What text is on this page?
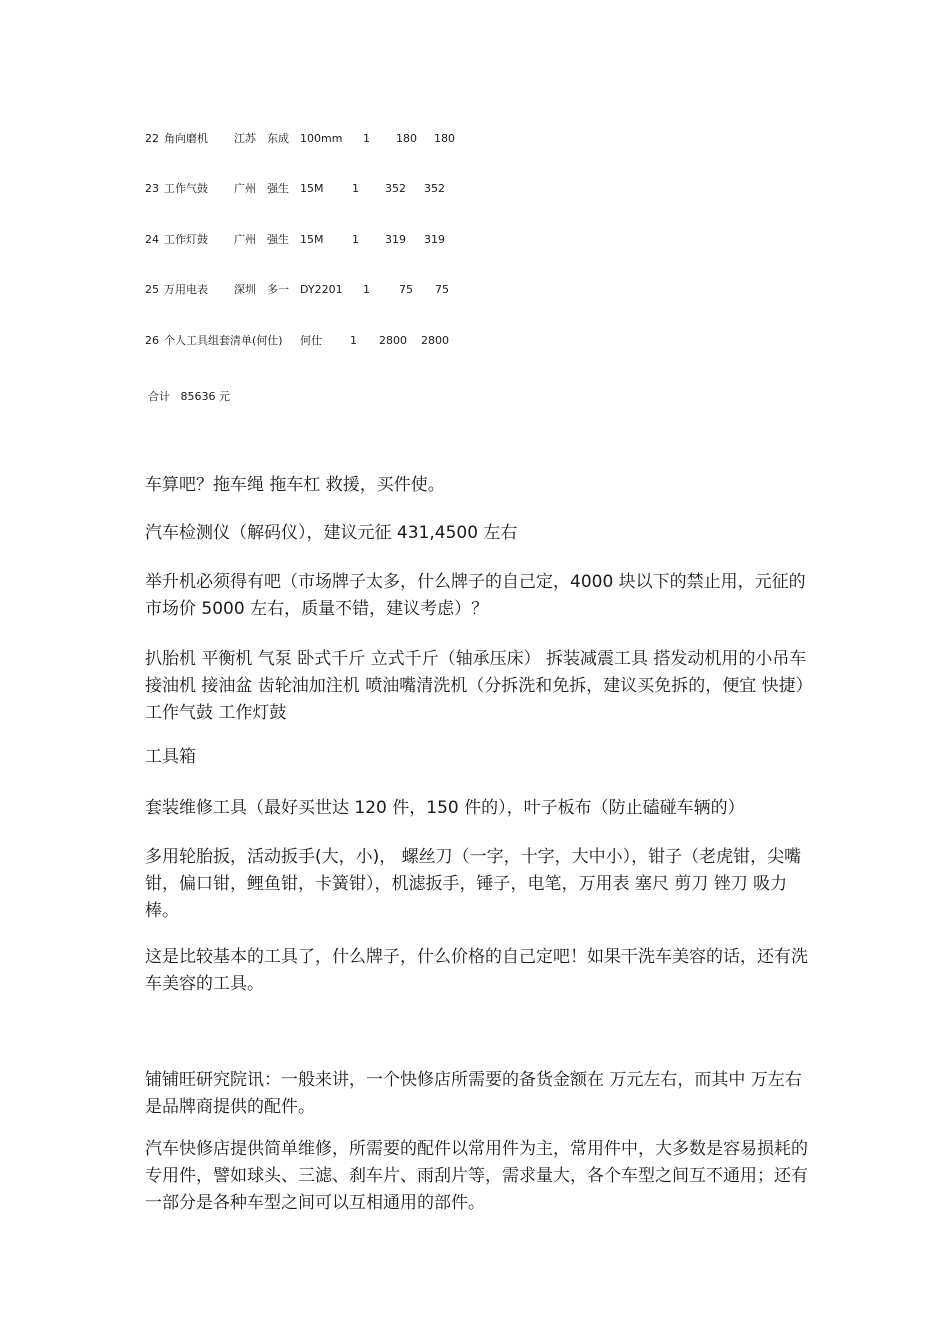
22 角向磨机 江苏 东成 100mm 1 180 180
23 工作气鼓 广州 强生 15M	1 352 352
24 工作灯鼓 广州 强生 15M	1 319 319
25 万用电表 深圳 多一 DY2201 1	75 75
26 个人工具组套清单(何仕) 何仕	1 2800 2800
合计 85636 元

车算吧？拖车绳 拖车杠 救援，买件使。

汽车检测仪（解码仪），建议元征 431,4500 左右

举升机必须得有吧（市场牌子太多，什么牌子的自己定，4000 块以下的禁止用，元征的市场价 5000 左右，质量不错，建议考虑）？

扒胎机 平衡机 气泵 卧式千斤 立式千斤（轴承压床） 拆装减震工具 搭发动机用的小吊车 接油机 接油盆 齿轮油加注机 喷油嘴清洗机（分拆洗和免拆，建议买免拆的，便宜 快捷） 工作气鼓 工作灯鼓

工具箱

套装维修工具（最好买世达 120 件，150 件的），叶子板布（防止磕碰车辆的）

多用轮胎扳，活动扳手(大，小)， 螺丝刀（一字，十字，大中小），钳子（老虎钳，尖嘴钳，偏口钳，鲤鱼钳，卡簧钳），机滤扳手，锤子，电笔，万用表 塞尺 剪刀 锉刀 吸力棒。

这是比较基本的工具了，什么牌子，什么价格的自己定吧！如果干洗车美容的话，还有洗车美容的工具。

铺铺旺研究院讯：一般来讲，一个快修店所需要的备货金额在 万元左右，而其中 万左右是品牌商提供的配件。

汽车快修店提供简单维修，所需要的配件以常用件为主，常用件中，大多数是容易损耗的专用件，譬如球头、三滤、刹车片、雨刮片等，需求量大，各个车型之间互不通用；还有一部分是各种车型之间可以互相通用的部件。
